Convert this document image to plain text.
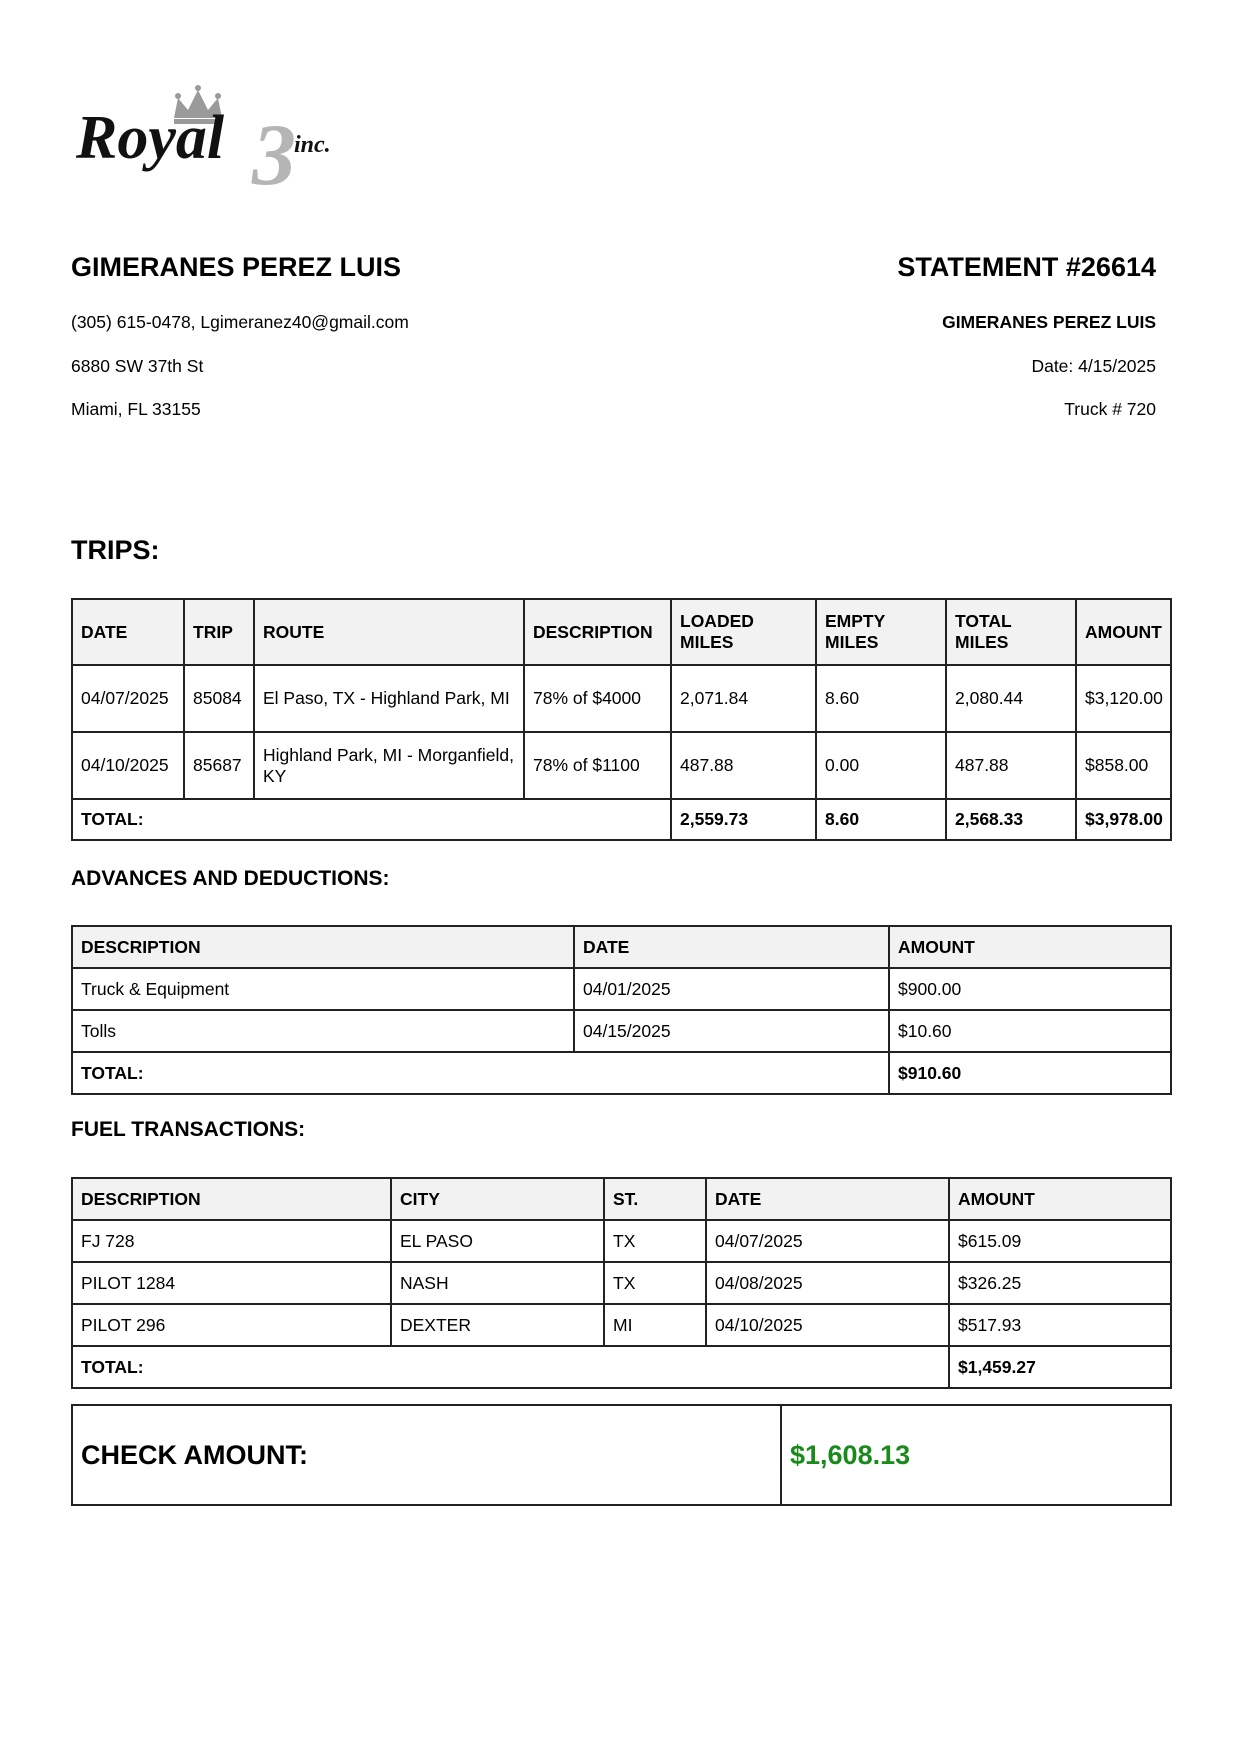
Royal 3
inc.
GIMERANES PEREZ LUIS	STATEMENT #26614
(305) 615-0478, Lgimeranez40@gmail.com
6880 SW 37th St
Miami, FL 33155
GIMERANES PEREZ LUIS
Date: 4/15/2025
Truck # 720
TRIPS:
DATE	TRIP	ROUTE	DESCRIPTION	LOADED MILES	EMPTY MILES	TOTAL MILES	AMOUNT
04/07/2025	85084	El Paso, TX - Highland Park, MI	78% of $4000	2,071.84	8.60	2,080.44	$3,120.00
04/10/2025	85687	Highland Park, MI - Morganfield, KY	78% of $1100	487.88	0.00	487.88	$858.00
TOTAL:				2,559.73	8.60	2,568.33	$3,978.00
ADVANCES AND DEDUCTIONS:
DESCRIPTION	DATE	AMOUNT
Truck & Equipment	04/01/2025	$900.00
Tolls	04/15/2025	$10.60
TOTAL:		$910.60
FUEL TRANSACTIONS:
DESCRIPTION	CITY	ST.	DATE	AMOUNT
FJ 728	EL PASO	TX	04/07/2025	$615.09
PILOT 1284	NASH	TX	04/08/2025	$326.25
PILOT 296	DEXTER	MI	04/10/2025	$517.93
TOTAL:				$1,459.27
CHECK AMOUNT:	$1,608.13
